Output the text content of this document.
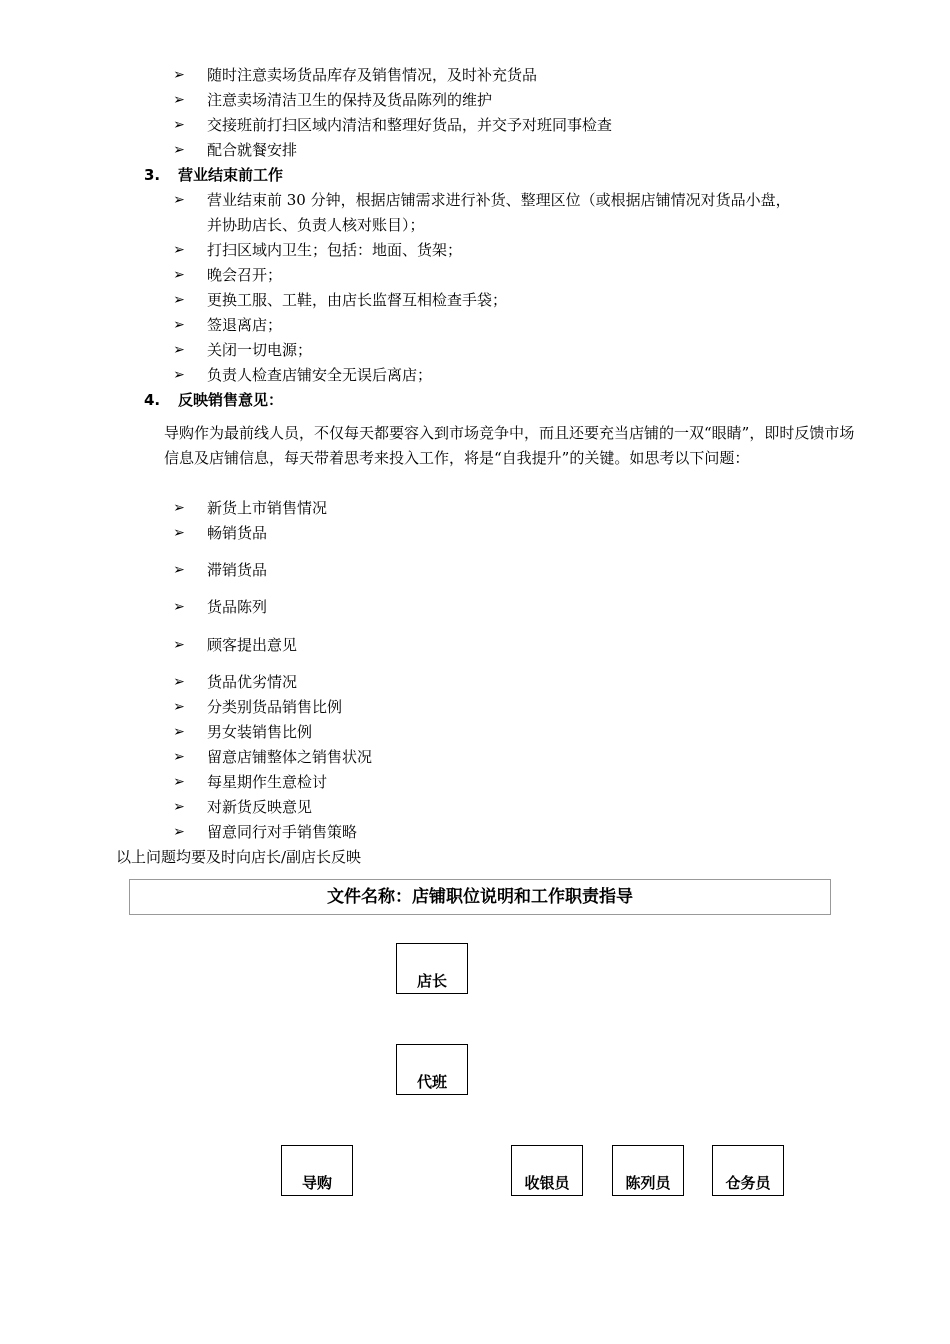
➢ 随时注意卖场货品库存及销售情况，及时补充货品
➢ 注意卖场清洁卫生的保持及货品陈列的维护
➢ 交接班前打扫区域内清洁和整理好货品，并交予对班同事检查
➢ 配合就餐安排
3. 营业结束前工作
➢ 营业结束前 30 分钟，根据店铺需求进行补货、整理区位（或根据店铺情况对货品小盘，
并协助店长、负责人核对账目）；
➢ 打扫区域内卫生；包括：地面、货架；
➢ 晚会召开；
➢ 更换工服、工鞋，由店长监督互相检查手袋；
➢ 签退离店；
➢ 关闭一切电源；
➢ 负责人检查店铺安全无误后离店；
4. 反映销售意见：
导购作为最前线人员，不仅每天都要容入到市场竞争中，而且还要充当店铺的一双“眼睛”，即时反馈市场信息及店铺信息，每天带着思考来投入工作，将是“自我提升”的关键。如思考以下问题：
➢ 新货上市销售情况
➢ 畅销货品
➢ 滞销货品
➢ 货品陈列
➢ 顾客提出意见
➢ 货品优劣情况
➢ 分类别货品销售比例
➢ 男女装销售比例
➢ 留意店铺整体之销售状况
➢ 每星期作生意检讨
➢ 对新货反映意见
➢ 留意同行对手销售策略
以上问题均要及时向店长/副店长反映
文件名称：店铺职位说明和工作职责指导
店长
代班
导购	收银员	陈列员	仓务员
